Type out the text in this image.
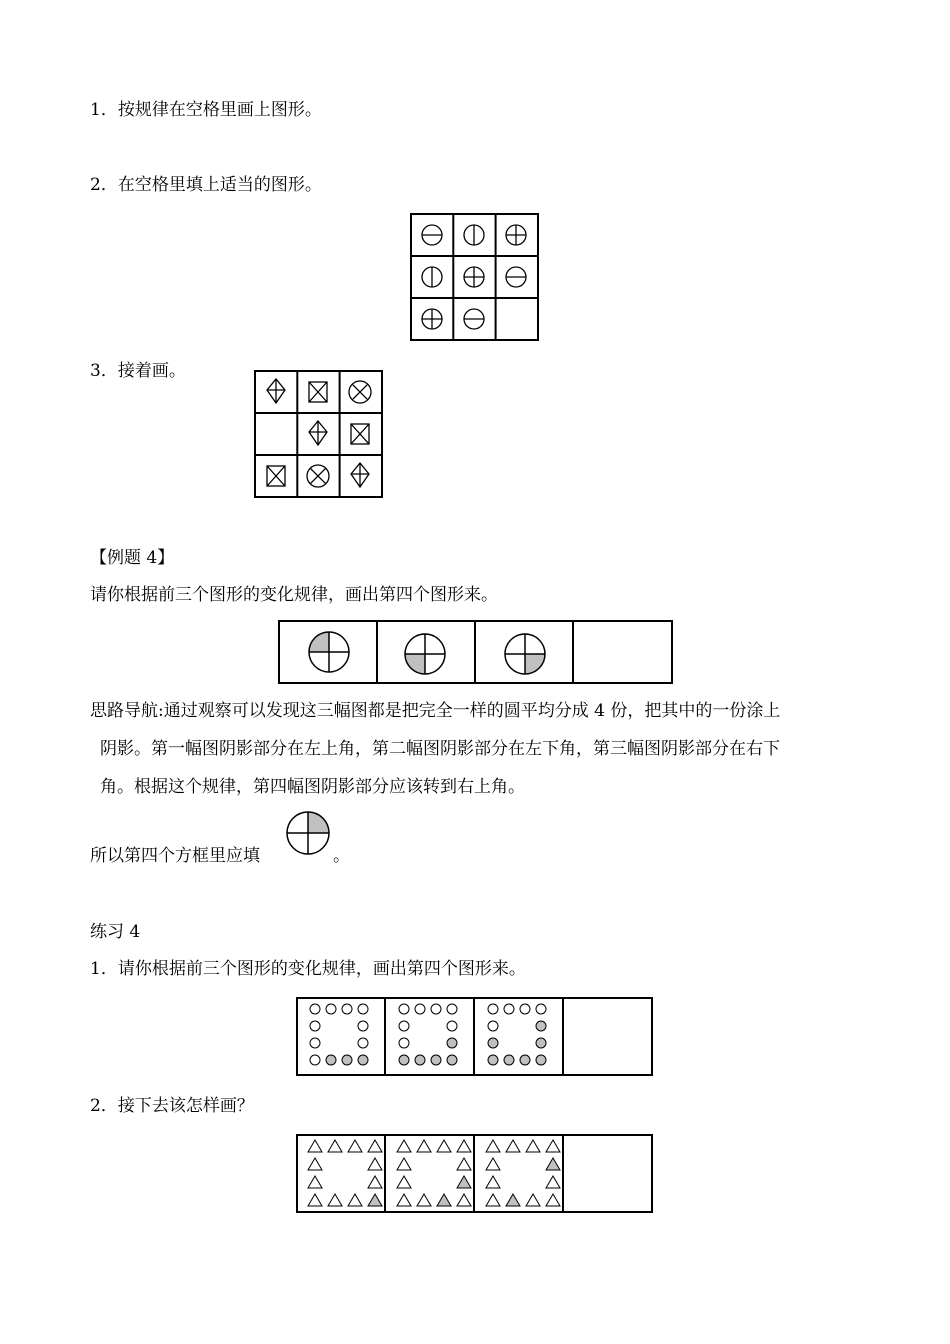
1．按规律在空格里画上图形。
2．在空格里填上适当的图形。
3．接着画。
【例题 4】
请你根据前三个图形的变化规律，画出第四个图形来。
思路导航:通过观察可以发现这三幅图都是把完全一样的圆平均分成 4 份，把其中的一份涂上
阴影。第一幅图阴影部分在左上角，第二幅图阴影部分在左下角，第三幅图阴影部分在右下
角。根据这个规律，第四幅图阴影部分应该转到右上角。
所以第四个方框里应填	。
练习 4
1．请你根据前三个图形的变化规律，画出第四个图形来。
2．接下去该怎样画？
